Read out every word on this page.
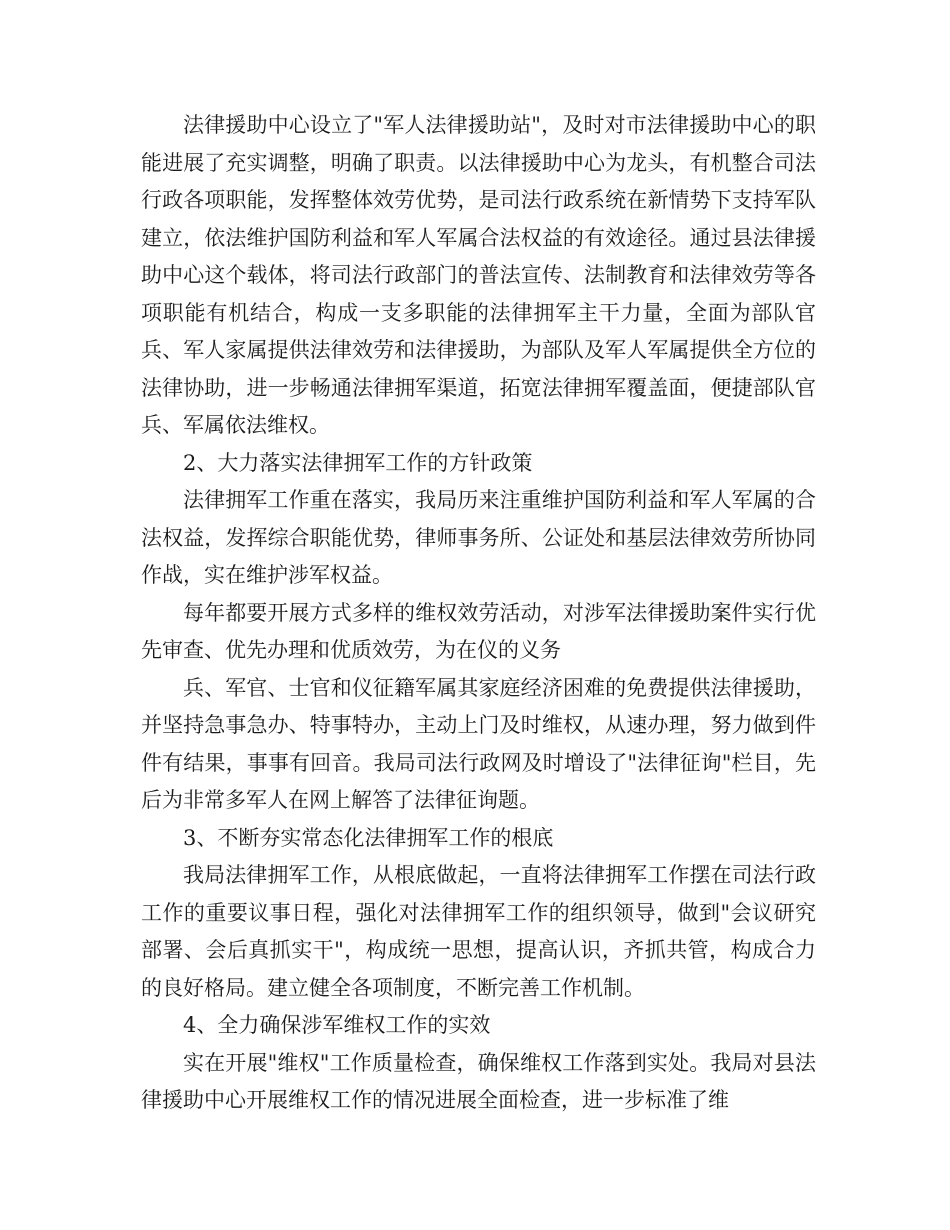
法律援助中心设立了"军人法律援助站"，及时对市法律援助中心的职能进展了充实调整，明确了职责。以法律援助中心为龙头，有机整合司法行政各项职能，发挥整体效劳优势，是司法行政系统在新情势下支持军队建立，依法维护国防利益和军人军属合法权益的有效途径。通过县法律援助中心这个载体，将司法行政部门的普法宣传、法制教育和法律效劳等各项职能有机结合，构成一支多职能的法律拥军主干力量，全面为部队官兵、军人家属提供法律效劳和法律援助，为部队及军人军属提供全方位的法律协助，进一步畅通法律拥军渠道，拓宽法律拥军覆盖面，便捷部队官兵、军属依法维权。

2、大力落实法律拥军工作的方针政策

法律拥军工作重在落实，我局历来注重维护国防利益和军人军属的合法权益，发挥综合职能优势，律师事务所、公证处和基层法律效劳所协同作战，实在维护涉军权益。

每年都要开展方式多样的维权效劳活动，对涉军法律援助案件实行优先审查、优先办理和优质效劳，为在仪的义务

兵、军官、士官和仪征籍军属其家庭经济困难的免费提供法律援助，并坚持急事急办、特事特办，主动上门及时维权，从速办理，努力做到件件有结果，事事有回音。我局司法行政网及时增设了"法律征询"栏目，先后为非常多军人在网上解答了法律征询题。

3、不断夯实常态化法律拥军工作的根底

我局法律拥军工作，从根底做起，一直将法律拥军工作摆在司法行政工作的重要议事日程，强化对法律拥军工作的组织领导，做到"会议研究部署、会后真抓实干"，构成统一思想，提高认识，齐抓共管，构成合力的良好格局。建立健全各项制度，不断完善工作机制。

4、全力确保涉军维权工作的实效

实在开展"维权"工作质量检查，确保维权工作落到实处。我局对县法律援助中心开展维权工作的情况进展全面检查，进一步标准了维
